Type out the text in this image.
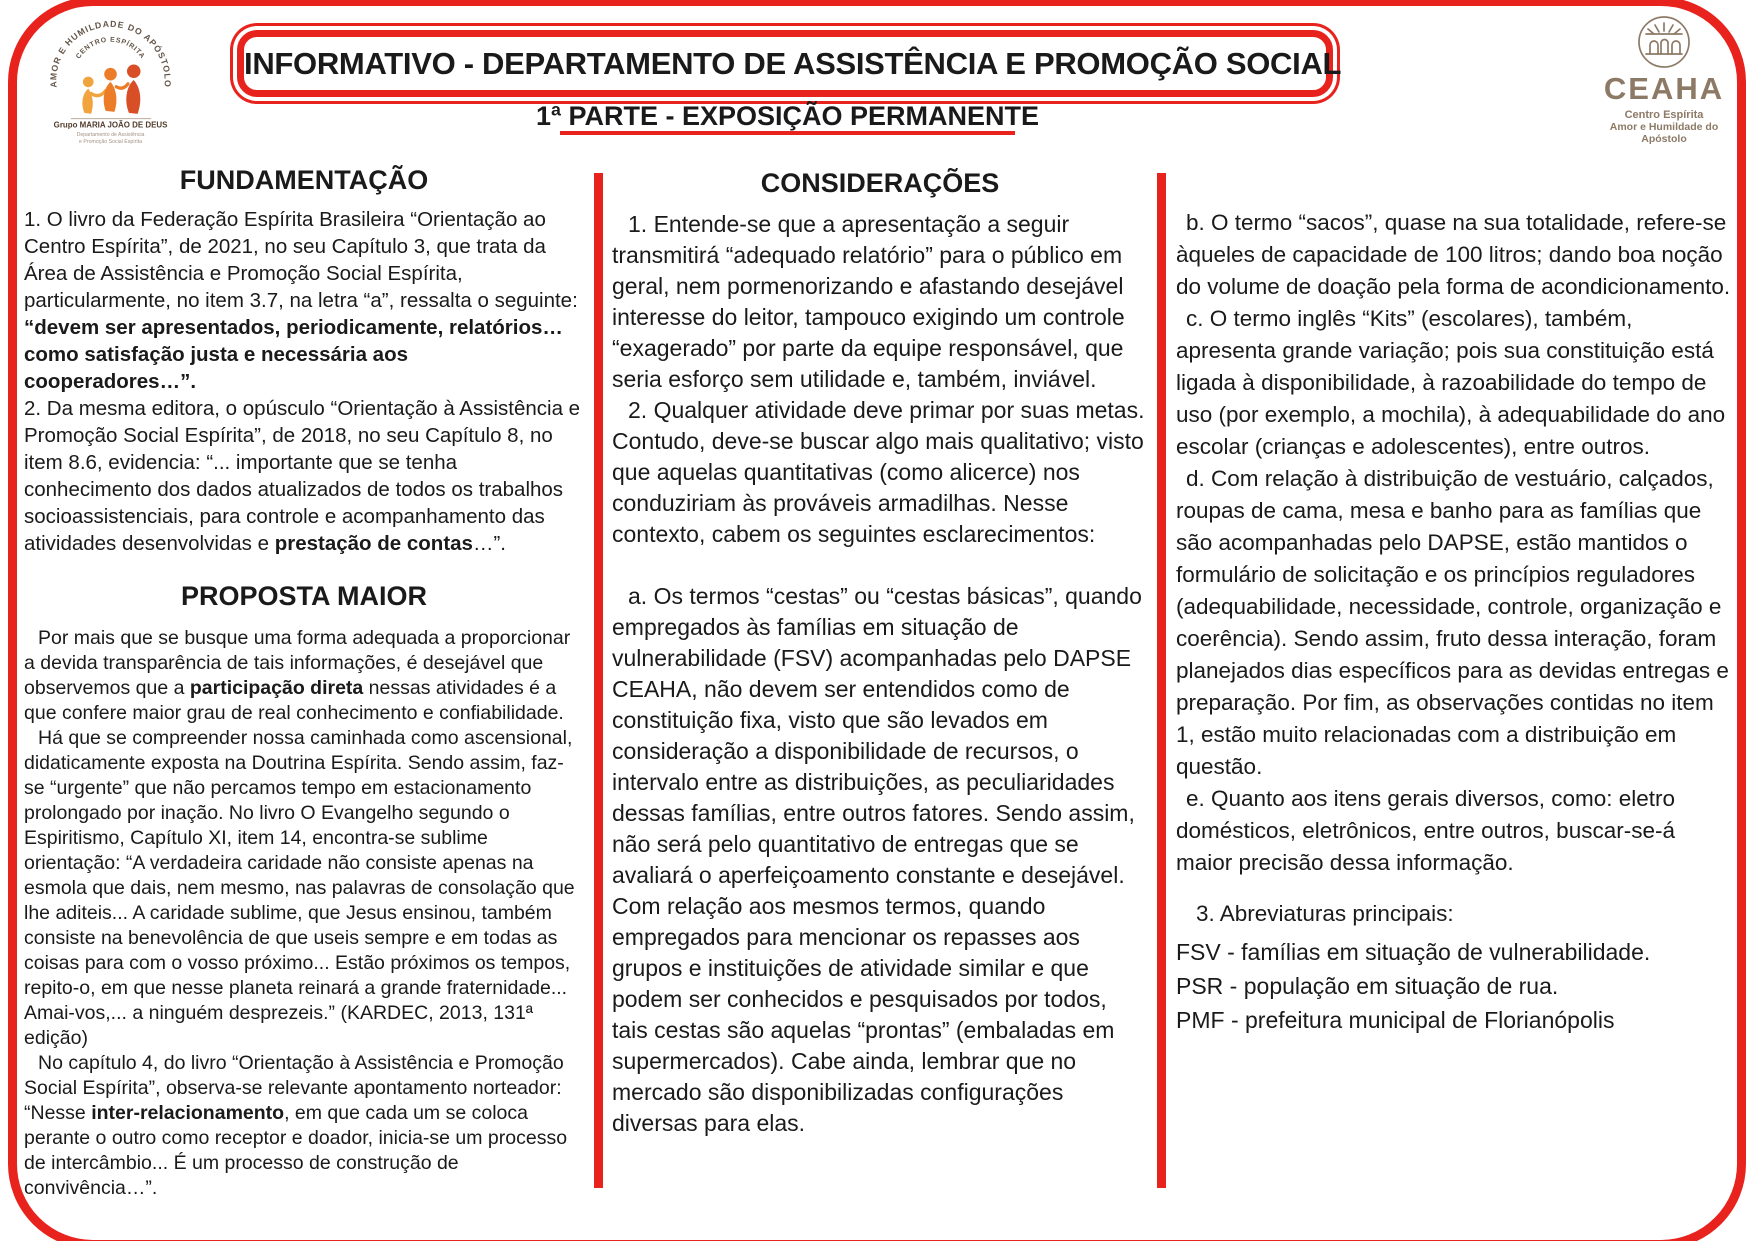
AMOR E HUMILDADE DO APÓSTOLO
CENTRO ESPÍRITA
Grupo MARIA JOÃO DE DEUS
Departamento de Assistência
e Promoção Social Espírita
INFORMATIVO - DEPARTAMENTO DE ASSISTÊNCIA E PROMOÇÃO SOCIAL
CEAHA
Centro Espírita
Amor e Humildade do Apóstolo
1ª PARTE - EXPOSIÇÃO PERMANENTE
FUNDAMENTAÇÃO

1. O livro da Federação Espírita Brasileira “Orientação ao Centro Espírita”, de 2021, no seu Capítulo 3, que trata da Área de Assistência e Promoção Social Espírita, particularmente, no item 3.7, na letra “a”, ressalta o seguinte: “devem ser apresentados, periodicamente, relatórios… como satisfação justa e necessária aos cooperadores…”.

2. Da mesma editora, o opúsculo “Orientação à Assistência e Promoção Social Espírita”, de 2018, no seu Capítulo 8, no item 8.6, evidencia: “... importante que se tenha conhecimento dos dados atualizados de todos os trabalhos socioassistenciais, para controle e acompanhamento das atividades desenvolvidas e prestação de contas…”.

PROPOSTA MAIOR

Por mais que se busque uma forma adequada a proporcionar a devida transparência de tais informações, é desejável que observemos que a participação direta nessas atividades é a que confere maior grau de real conhecimento e confiabilidade.

Há que se compreender nossa caminhada como ascensional, didaticamente exposta na Doutrina Espírita. Sendo assim, faz-se “urgente” que não percamos tempo em estacionamento prolongado por inação. No livro O Evangelho segundo o Espiritismo, Capítulo XI, item 14, encontra-se sublime orientação: “A verdadeira caridade não consiste apenas na esmola que dais, nem mesmo, nas palavras de consolação que lhe aditeis... A caridade sublime, que Jesus ensinou, também consiste na benevolência de que useis sempre e em todas as coisas para com o vosso próximo... Estão próximos os tempos, repito-o, em que nesse planeta reinará a grande fraternidade... Amai-vos,... a ninguém desprezeis.” (KARDEC, 2013, 131ª edição)

No capítulo 4, do livro “Orientação à Assistência e Promoção Social Espírita”, observa-se relevante apontamento norteador: “Nesse inter-relacionamento, em que cada um se coloca perante o outro como receptor e doador, inicia-se um processo de intercâmbio... É um processo de construção de convivência…”.

CONSIDERAÇÕES

1. Entende-se que a apresentação a seguir transmitirá “adequado relatório” para o público em geral, nem pormenorizando e afastando desejável interesse do leitor, tampouco exigindo um controle “exagerado” por parte da equipe responsável, que seria esforço sem utilidade e, também, inviável.

2. Qualquer atividade deve primar por suas metas. Contudo, deve-se buscar algo mais qualitativo; visto que aquelas quantitativas (como alicerce) nos conduziriam às prováveis armadilhas. Nesse contexto, cabem os seguintes esclarecimentos:

a. Os termos “cestas” ou “cestas básicas”, quando empregados às famílias em situação de vulnerabilidade (FSV) acompanhadas pelo DAPSE CEAHA, não devem ser entendidos como de constituição fixa, visto que são levados em consideração a disponibilidade de recursos, o intervalo entre as distribuições, as peculiaridades dessas famílias, entre outros fatores. Sendo assim, não será pelo quantitativo de entregas que se avaliará o aperfeiçoamento constante e desejável. Com relação aos mesmos termos, quando empregados para mencionar os repasses aos grupos e instituições de atividade similar e que podem ser conhecidos e pesquisados por todos, tais cestas são aquelas “prontas” (embaladas em supermercados). Cabe ainda, lembrar que no mercado são disponibilizadas configurações diversas para elas.

b. O termo “sacos”, quase na sua totalidade, refere-se àqueles de capacidade de 100 litros; dando boa noção do volume de doação pela forma de acondicionamento.

c. O termo inglês “Kits” (escolares), também, apresenta grande variação; pois sua constituição está ligada à disponibilidade, à razoabilidade do tempo de uso (por exemplo, a mochila), à adequabilidade do ano escolar (crianças e adolescentes), entre outros.

d. Com relação à distribuição de vestuário, calçados, roupas de cama, mesa e banho para as famílias que são acompanhadas pelo DAPSE, estão mantidos o formulário de solicitação e os princípios reguladores (adequabilidade, necessidade, controle, organização e coerência). Sendo assim, fruto dessa interação, foram planejados dias específicos para as devidas entregas e preparação. Por fim, as observações contidas no item 1, estão muito relacionadas com a distribuição em questão.

e. Quanto aos itens gerais diversos, como: eletro domésticos, eletrônicos, entre outros, buscar-se-á maior precisão dessa informação.

3. Abreviaturas principais:

FSV - famílias em situação de vulnerabilidade.

PSR - população em situação de rua.

PMF - prefeitura municipal de Florianópolis
